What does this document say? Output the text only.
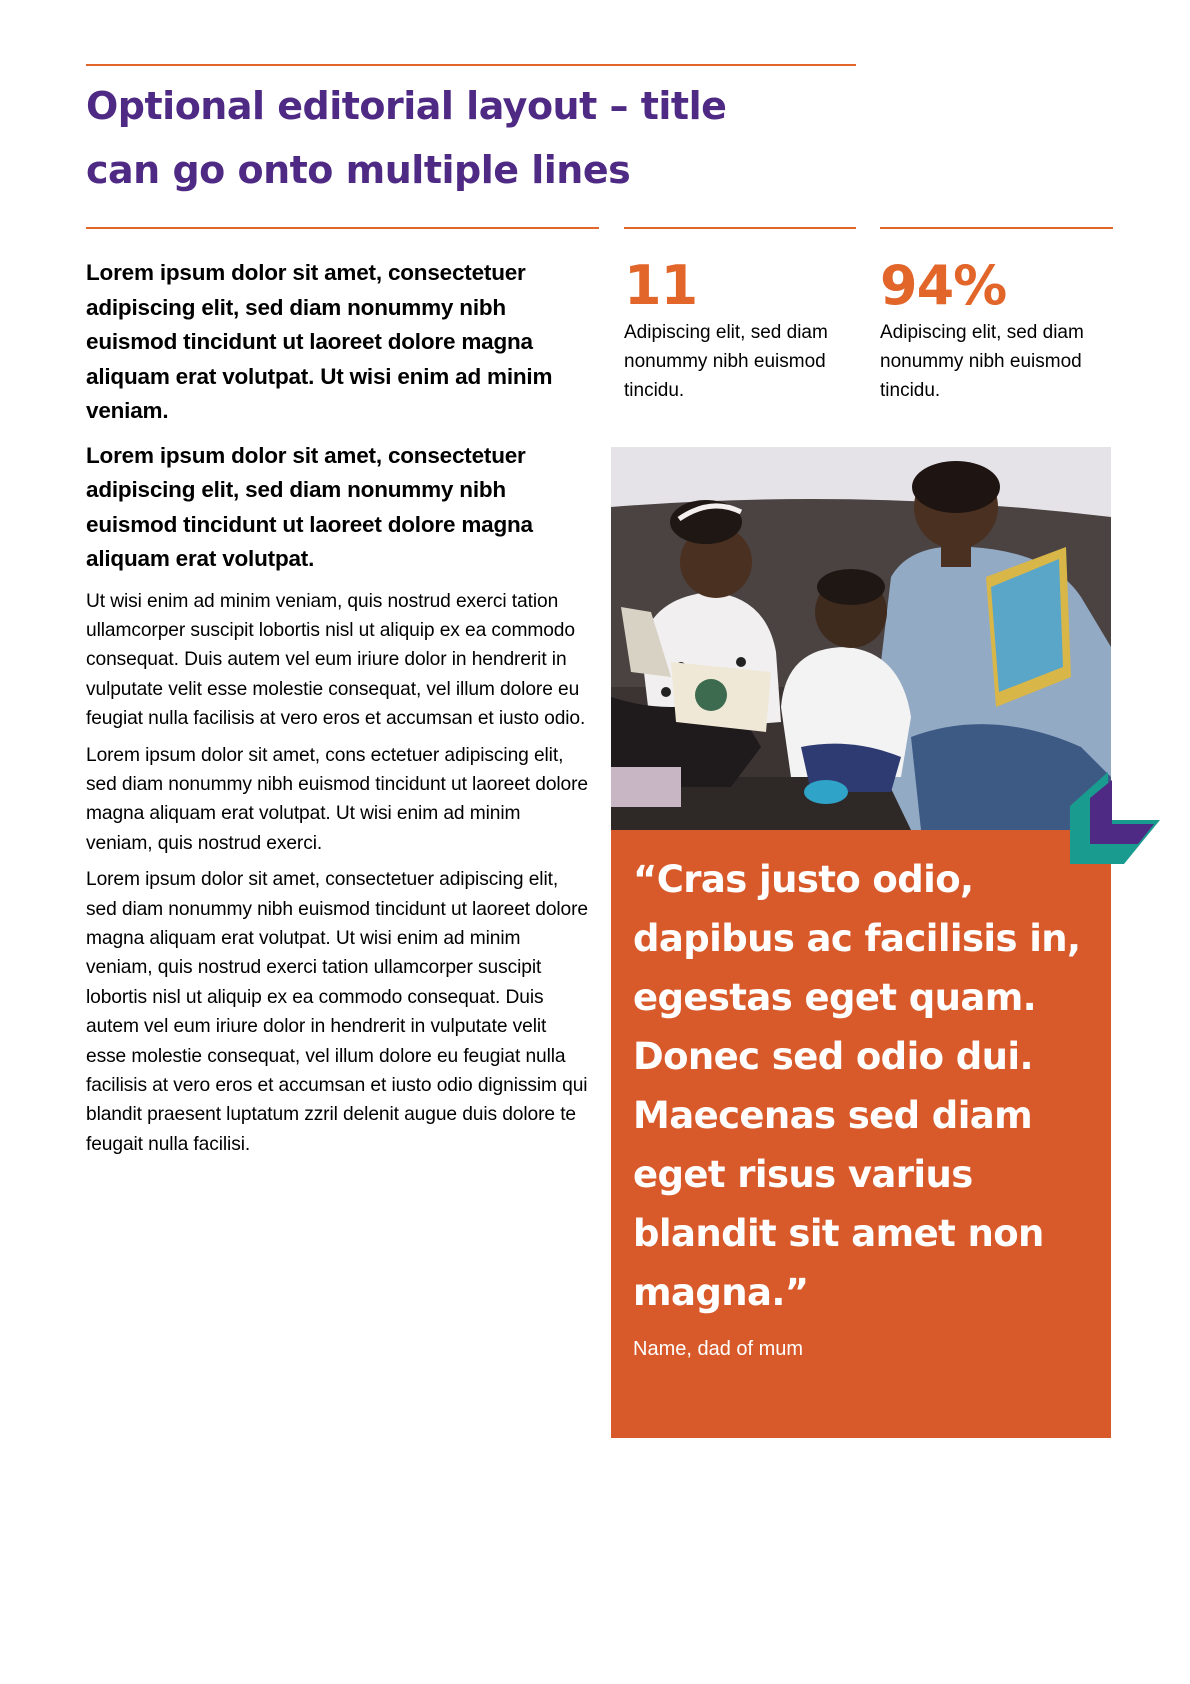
Optional editorial layout – title can go onto multiple lines

Lorem ipsum dolor sit amet, consectetuer adipiscing elit, sed diam nonummy nibh euismod tincidunt ut laoreet dolore magna aliquam erat volutpat. Ut wisi enim ad minim veniam.

Lorem ipsum dolor sit amet, consectetuer adipiscing elit, sed diam nonummy nibh euismod tincidunt ut laoreet dolore magna aliquam erat volutpat.

Ut wisi enim ad minim veniam, quis nostrud exerci tation ullamcorper suscipit lobortis nisl ut aliquip ex ea commodo consequat. Duis autem vel eum iriure dolor in hendrerit in vulputate velit esse molestie consequat, vel illum dolore eu feugiat nulla facilisis at vero eros et accumsan et iusto odio.

Lorem ipsum dolor sit amet, cons ectetuer adipiscing elit, sed diam nonummy nibh euismod tincidunt ut laoreet dolore magna aliquam erat volutpat. Ut wisi enim ad minim veniam, quis nostrud exerci.

Lorem ipsum dolor sit amet, consectetuer adipiscing elit, sed diam nonummy nibh euismod tincidunt ut laoreet dolore magna aliquam erat volutpat. Ut wisi enim ad minim veniam, quis nostrud exerci tation ullamcorper suscipit lobortis nisl ut aliquip ex ea commodo consequat. Duis autem vel eum iriure dolor in hendrerit in vulputate velit esse molestie consequat, vel illum dolore eu feugiat nulla facilisis at vero eros et accumsan et iusto odio dignissim qui blandit praesent luptatum zzril delenit augue duis dolore te feugait nulla facilisi.

11
Adipiscing elit, sed diam nonummy nibh euismod tincidu.
94%
Adipiscing elit, sed diam nonummy nibh euismod tincidu.

“Cras justo odio, dapibus ac facilisis in, egestas eget quam. Donec sed odio dui. Maecenas sed diam eget risus varius blandit sit amet non magna.”

Name, dad of mum
